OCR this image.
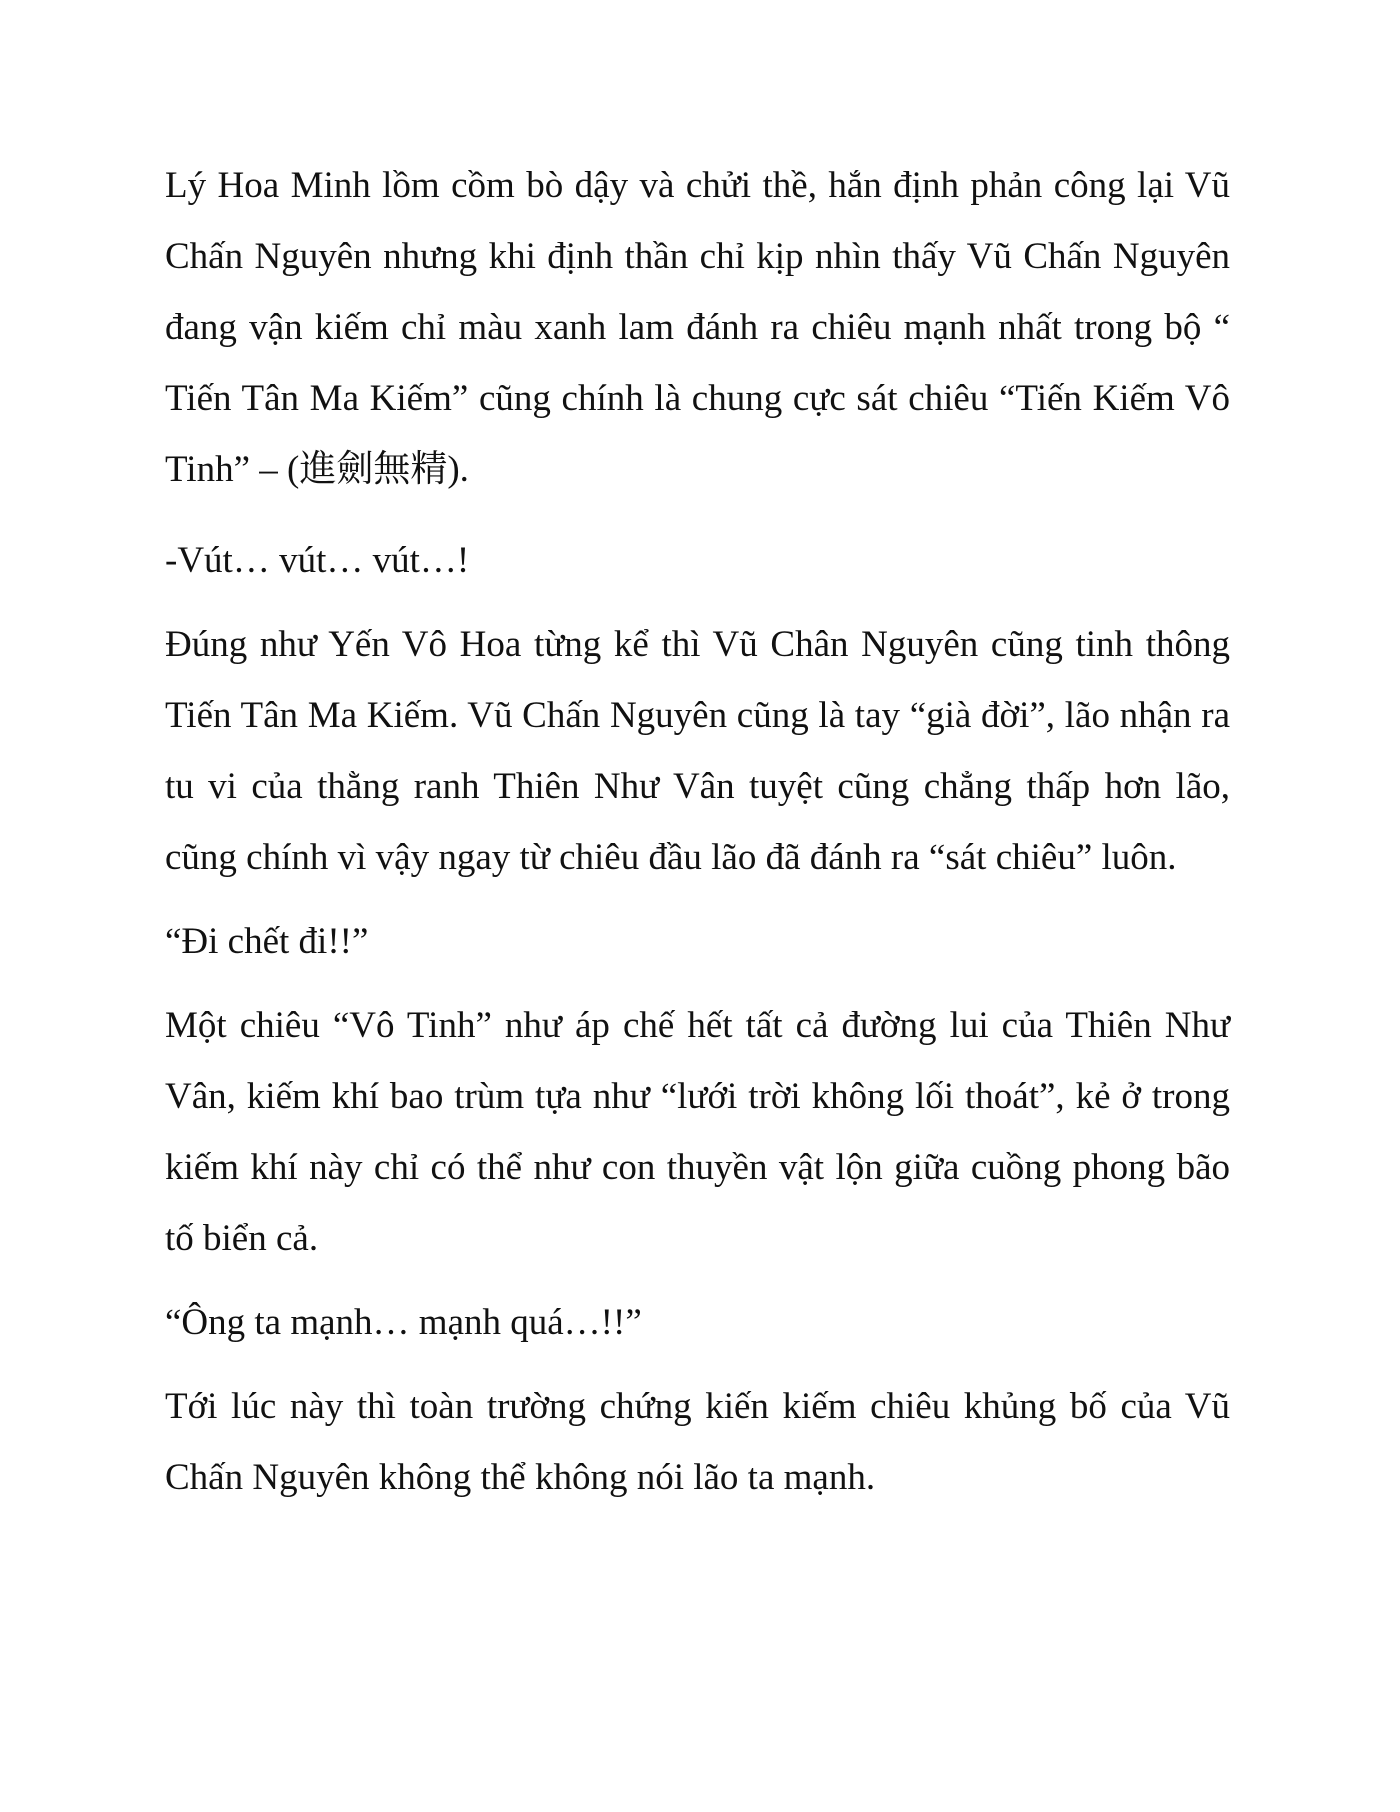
Lý Hoa Minh lồm cồm bò dậy và chửi thề, hắn định phản công lại Vũ Chấn Nguyên nhưng khi định thần chỉ kịp nhìn thấy Vũ Chấn Nguyên đang vận kiếm chỉ màu xanh lam đánh ra chiêu mạnh nhất trong bộ “ Tiến Tân Ma Kiếm” cũng chính là chung cực sát chiêu “Tiến Kiếm Vô Tinh” – (進劍無精).

-Vút… vút… vút…!

Đúng như Yến Vô Hoa từng kể thì Vũ Chân Nguyên cũng tinh thông Tiến Tân Ma Kiếm. Vũ Chấn Nguyên cũng là tay “già đời”, lão nhận ra tu vi của thằng ranh Thiên Như Vân tuyệt cũng chẳng thấp hơn lão, cũng chính vì vậy ngay từ chiêu đầu lão đã đánh ra “sát chiêu” luôn.

“Đi chết đi!!”

Một chiêu “Vô Tinh” như áp chế hết tất cả đường lui của Thiên Như Vân, kiếm khí bao trùm tựa như “lưới trời không lối thoát”, kẻ ở trong kiếm khí này chỉ có thể như con thuyền vật lộn giữa cuồng phong bão tố biển cả.

“Ông ta mạnh… mạnh quá…!!”

Tới lúc này thì toàn trường chứng kiến kiếm chiêu khủng bố của Vũ Chấn Nguyên không thể không nói lão ta mạnh.
